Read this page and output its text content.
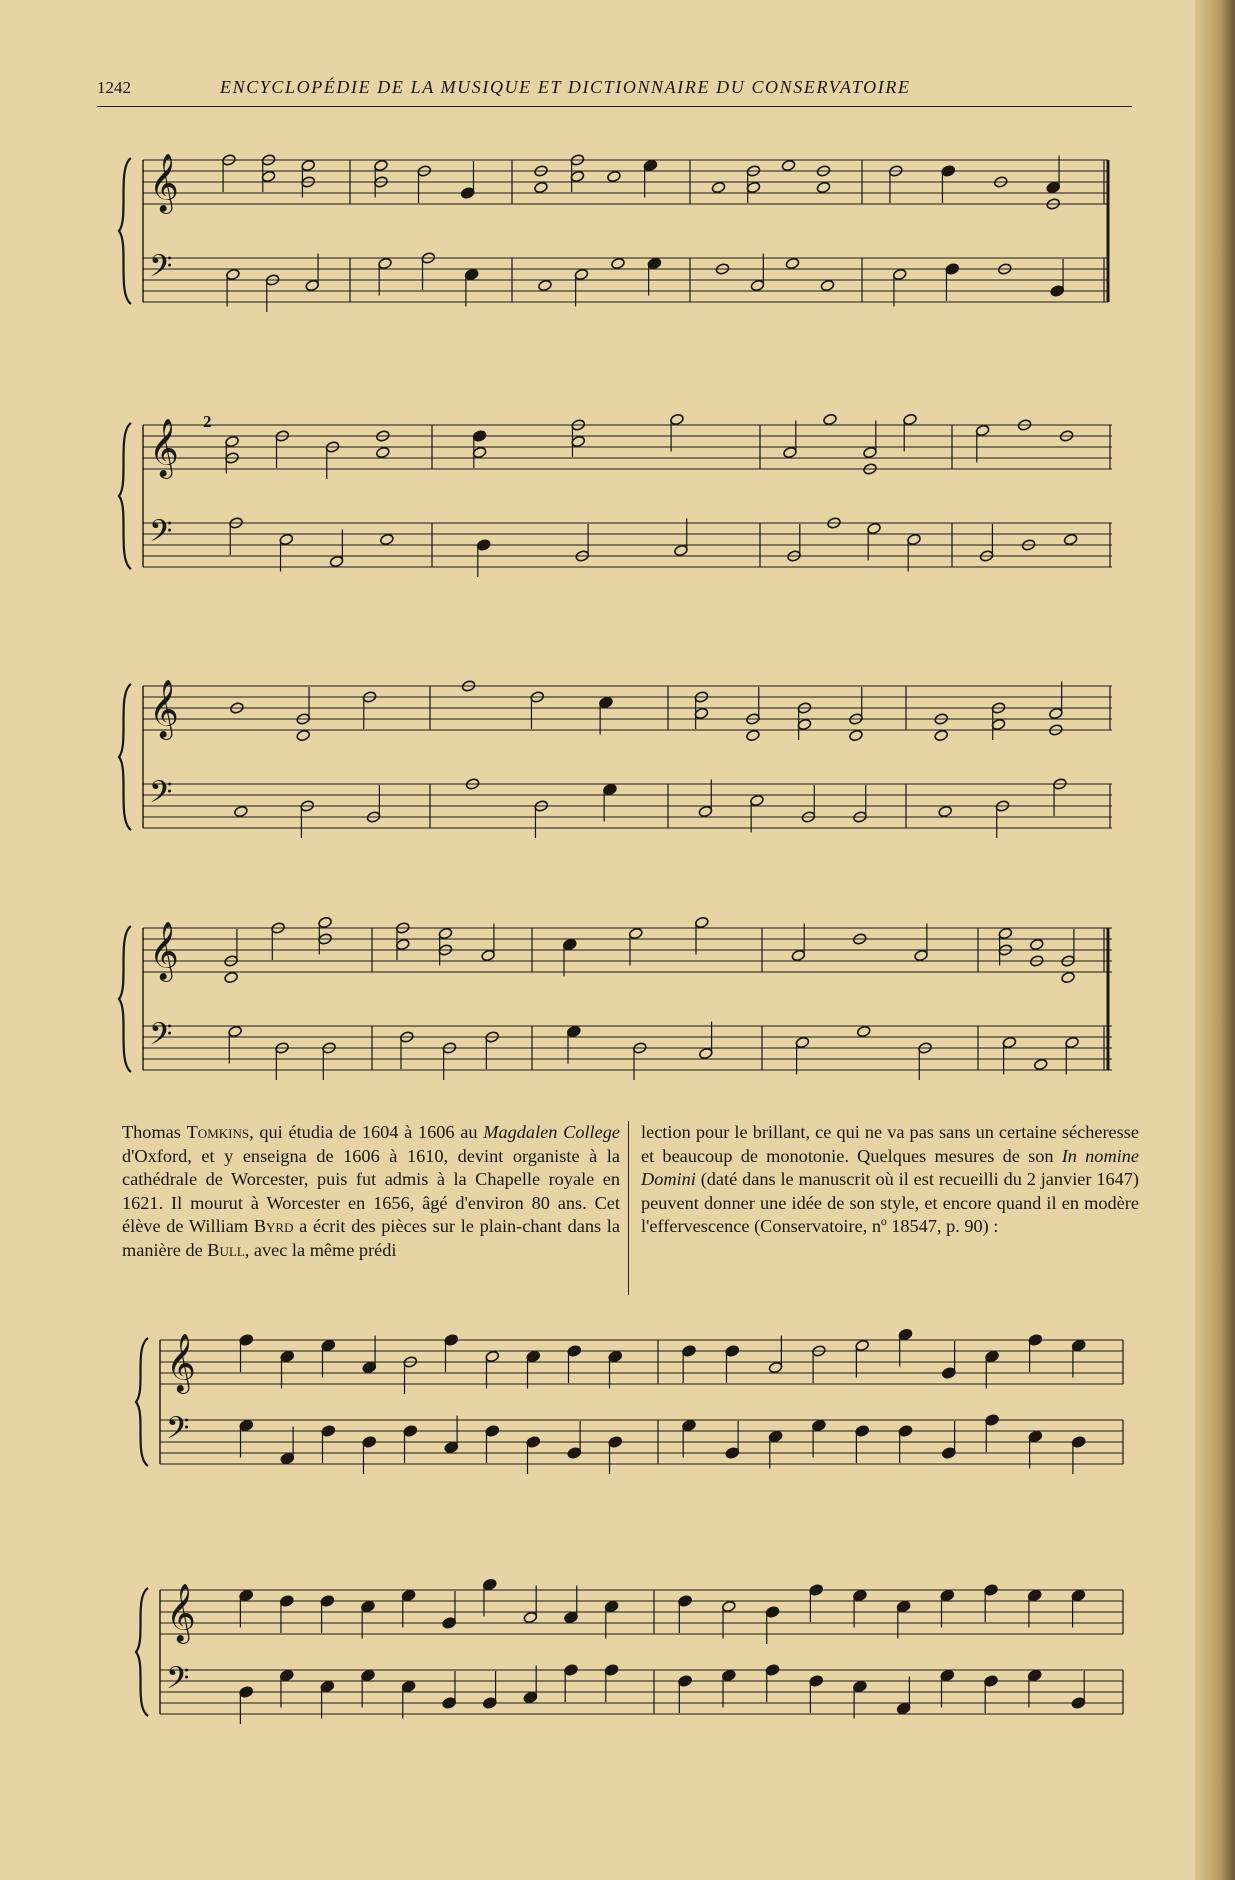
1242	ENCYCLOPÉDIE DE LA MUSIQUE ET DICTIONNAIRE DU CONSERVATOIRE
𝄞
𝄢
2
𝄞
𝄢
𝄞
𝄢
𝄞
𝄢
Thomas Tomkins, qui étudia de 1604 à 1606 au Magdalen College d'Oxford, et y enseigna de 1606 à 1610, devint organiste à la cathédrale de Worcester, puis fut admis à la Chapelle royale en 1621. Il mourut à Worcester en 1656, âgé d'environ 80 ans. Cet élève de William Byrd a écrit des pièces sur le plain-chant dans la manière de Bull, avec la même prédi
lection pour le brillant, ce qui ne va pas sans un certaine sécheresse et beaucoup de monotonie. Quelques mesures de son In nomine Domini (daté dans le manuscrit où il est recueilli du 2 janvier 1647) peuvent donner une idée de son style, et encore quand il en modère l'effervescence (Conservatoire, nº 18547, p. 90) :
𝄞
𝄢
𝄞
𝄢
